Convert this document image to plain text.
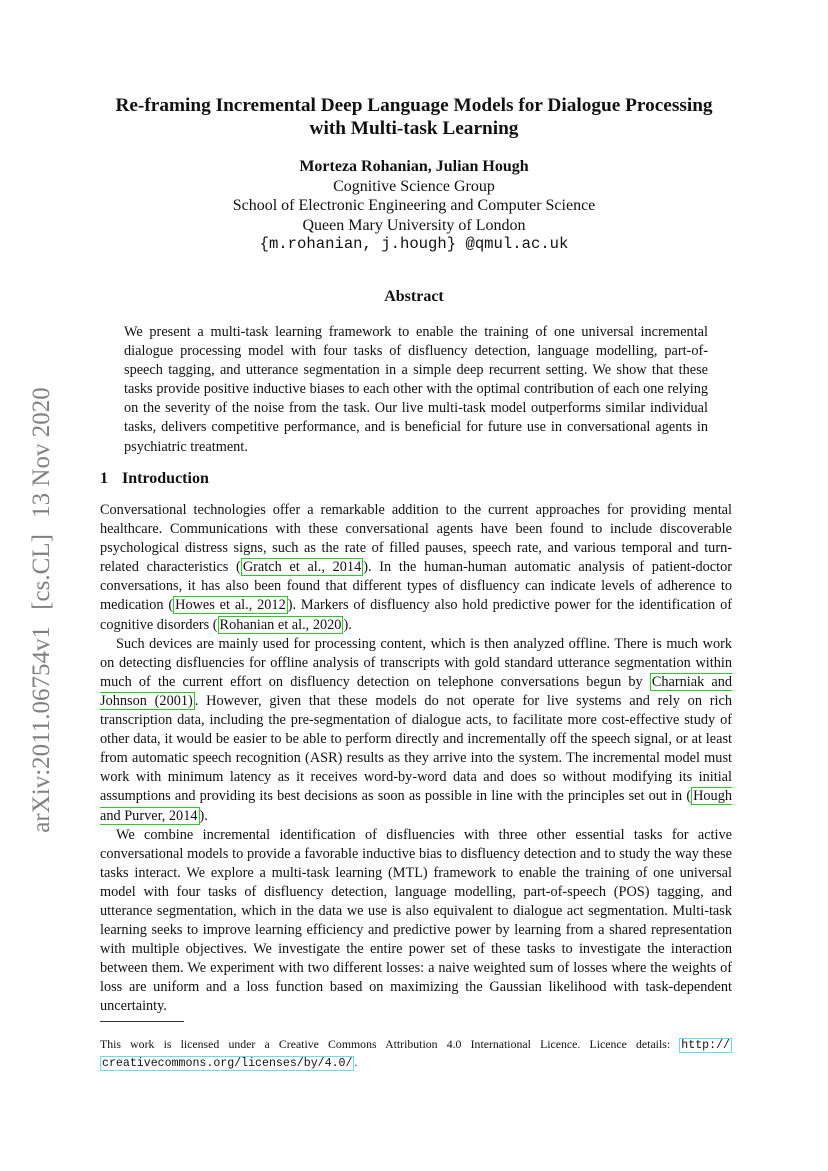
arXiv:2011.06754v1 [cs.CL] 13 Nov 2020
Re-framing Incremental Deep Language Models for Dialogue Processing
with Multi-task Learning
Morteza Rohanian, Julian Hough
Cognitive Science Group
School of Electronic Engineering and Computer Science
Queen Mary University of London
{m.rohanian, j.hough} @qmul.ac.uk
Abstract
We present a multi-task learning framework to enable the training of one universal incremental dialogue processing model with four tasks of disfluency detection, language modelling, part-of-speech tagging, and utterance segmentation in a simple deep recurrent setting. We show that these tasks provide positive inductive biases to each other with the optimal contribution of each one relying on the severity of the noise from the task. Our live multi-task model outperforms similar individual tasks, delivers competitive performance, and is beneficial for future use in conversational agents in psychiatric treatment.
1 Introduction

Conversational technologies offer a remarkable addition to the current approaches for providing mental healthcare. Communications with these conversational agents have been found to include discoverable psychological distress signs, such as the rate of filled pauses, speech rate, and various temporal and turn-related characteristics ( Gratch et al., 2014 ). In the human-human automatic analysis of patient-doctor conversations, it has also been found that different types of disfluency can indicate levels of adherence to medication ( Howes et al., 2012 ). Markers of disfluency also hold predictive power for the identification of cognitive disorders ( Rohanian et al., 2020 ).

Such devices are mainly used for processing content, which is then analyzed offline. There is much work on detecting disfluencies for offline analysis of transcripts with gold standard utterance segmentation within much of the current effort on disfluency detection on telephone conversations begun by Charniak and Johnson (2001) . However, given that these models do not operate for live systems and rely on rich transcription data, including the pre-segmentation of dialogue acts, to facilitate more cost-effective study of other data, it would be easier to be able to perform directly and incrementally off the speech signal, or at least from automatic speech recognition (ASR) results as they arrive into the system. The incremental model must work with minimum latency as it receives word-by-word data and does so without modifying its initial assumptions and providing its best decisions as soon as possible in line with the principles set out in ( Hough and Purver, 2014 ).

We combine incremental identification of disfluencies with three other essential tasks for active conversational models to provide a favorable inductive bias to disfluency detection and to study the way these tasks interact. We explore a multi-task learning (MTL) framework to enable the training of one universal model with four tasks of disfluency detection, language modelling, part-of-speech (POS) tagging, and utterance segmentation, which in the data we use is also equivalent to dialogue act segmentation. Multi-task learning seeks to improve learning efficiency and predictive power by learning from a shared representation with multiple objectives. We investigate the entire power set of these tasks to investigate the interaction between them. We experiment with two different losses: a naive weighted sum of losses where the weights of loss are uniform and a loss function based on maximizing the Gaussian likelihood with task-dependent uncertainty.

This work is licensed under a Creative Commons Attribution 4.0 International Licence. Licence details: http:// creativecommons.org/licenses/by/4.0/ .
